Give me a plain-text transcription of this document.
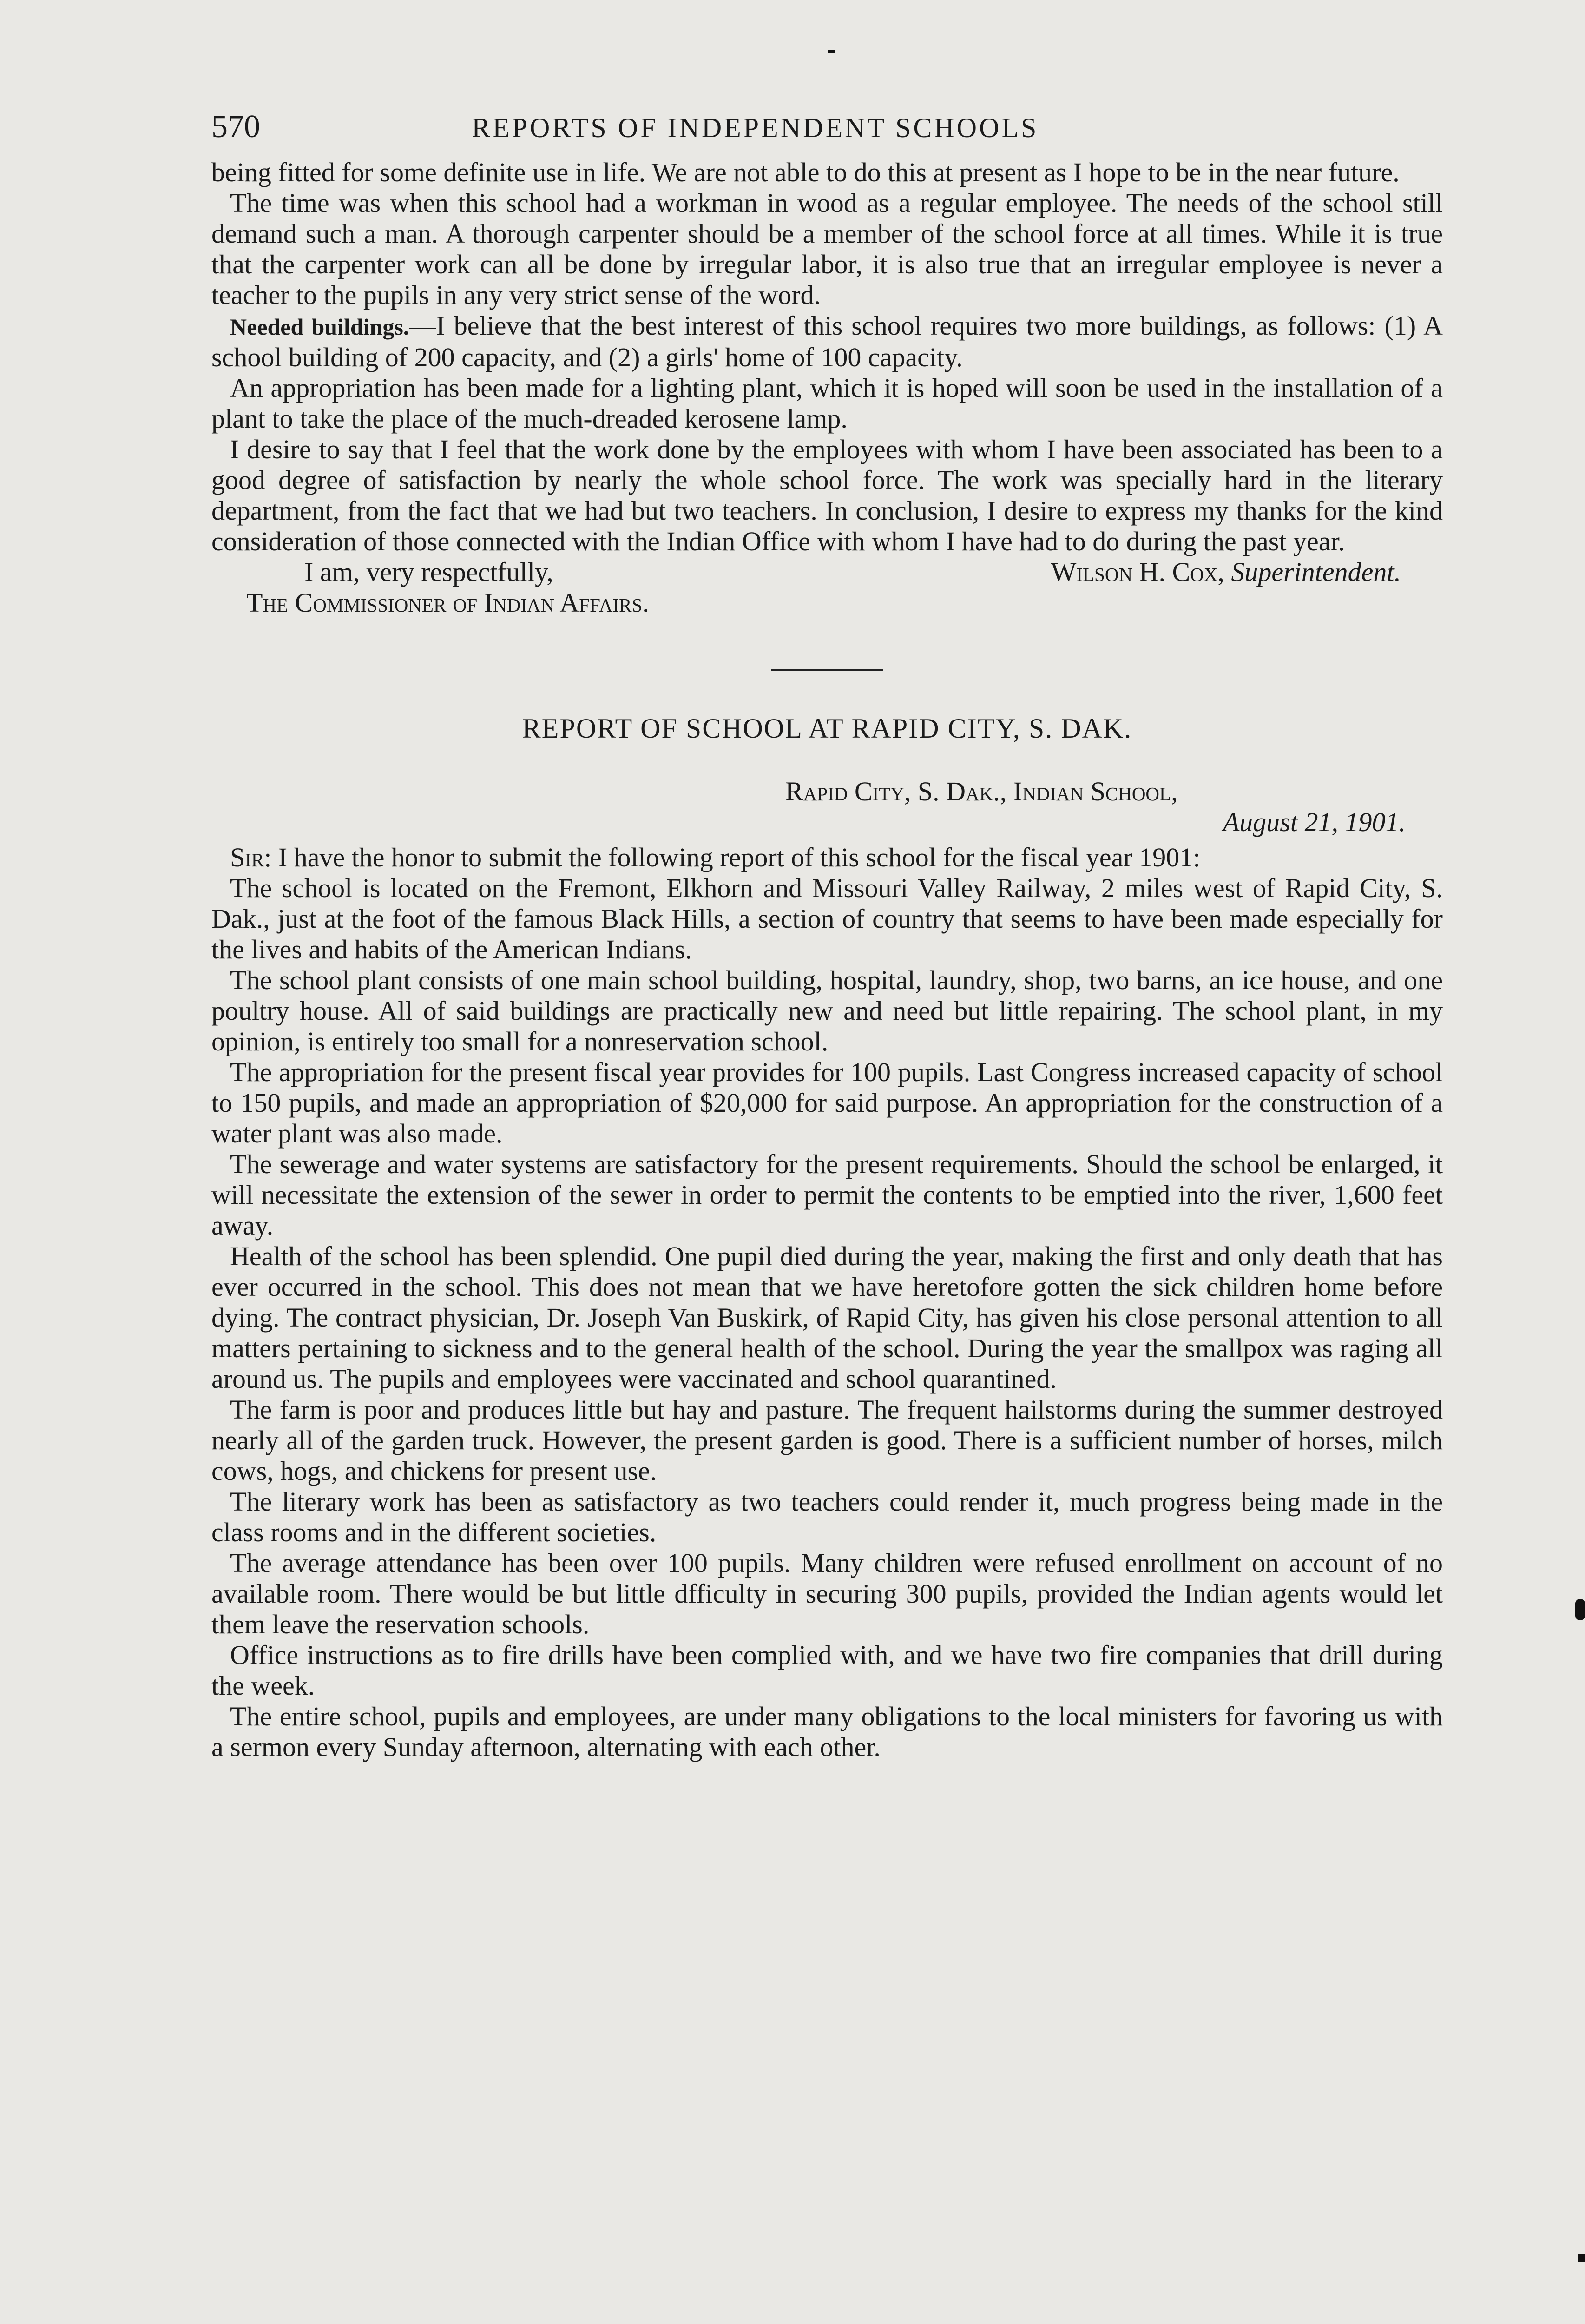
570	REPORTS OF INDEPENDENT SCHOOLS

being fitted for some definite use in life. We are not able to do this at present as I hope to be in the near future.

The time was when this school had a workman in wood as a regular employee. The needs of the school still demand such a man. A thorough carpenter should be a member of the school force at all times. While it is true that the carpenter work can all be done by irregular labor, it is also true that an irregular employee is never a teacher to the pupils in any very strict sense of the word.

Needed buildings.—I believe that the best interest of this school requires two more buildings, as follows: (1) A school building of 200 capacity, and (2) a girls' home of 100 capacity.

An appropriation has been made for a lighting plant, which it is hoped will soon be used in the installation of a plant to take the place of the much-dreaded kerosene lamp.

I desire to say that I feel that the work done by the employees with whom I have been associated has been to a good degree of satisfaction by nearly the whole school force. The work was specially hard in the literary department, from the fact that we had but two teachers. In conclusion, I desire to express my thanks for the kind consideration of those connected with the Indian Office with whom I have had to do during the past year.

I am, very respectfully,	Wilson H. Cox, Superintendent.
The Commissioner of Indian Affairs.
REPORT OF SCHOOL AT RAPID CITY, S. DAK.

Rapid City, S. Dak., Indian School,

August 21, 1901.

Sir: I have the honor to submit the following report of this school for the fiscal year 1901:

The school is located on the Fremont, Elkhorn and Missouri Valley Railway, 2 miles west of Rapid City, S. Dak., just at the foot of the famous Black Hills, a section of country that seems to have been made especially for the lives and habits of the American Indians.

The school plant consists of one main school building, hospital, laundry, shop, two barns, an ice house, and one poultry house. All of said buildings are practically new and need but little repairing. The school plant, in my opinion, is entirely too small for a nonreservation school.

The appropriation for the present fiscal year provides for 100 pupils. Last Congress increased capacity of school to 150 pupils, and made an appropriation of $20,000 for said purpose. An appropriation for the construction of a water plant was also made.

The sewerage and water systems are satisfactory for the present requirements. Should the school be enlarged, it will necessitate the extension of the sewer in order to permit the contents to be emptied into the river, 1,600 feet away.

Health of the school has been splendid. One pupil died during the year, making the first and only death that has ever occurred in the school. This does not mean that we have heretofore gotten the sick children home before dying. The contract physician, Dr. Joseph Van Buskirk, of Rapid City, has given his close personal attention to all matters pertaining to sickness and to the general health of the school. During the year the smallpox was raging all around us. The pupils and employees were vaccinated and school quarantined.

The farm is poor and produces little but hay and pasture. The frequent hailstorms during the summer destroyed nearly all of the garden truck. However, the present garden is good. There is a sufficient number of horses, milch cows, hogs, and chickens for present use.

The literary work has been as satisfactory as two teachers could render it, much progress being made in the class rooms and in the different societies.

The average attendance has been over 100 pupils. Many children were refused enrollment on account of no available room. There would be but little dfficulty in securing 300 pupils, provided the Indian agents would let them leave the reservation schools.

Office instructions as to fire drills have been complied with, and we have two fire companies that drill during the week.

The entire school, pupils and employees, are under many obligations to the local ministers for favoring us with a sermon every Sunday afternoon, alternating with each other.
